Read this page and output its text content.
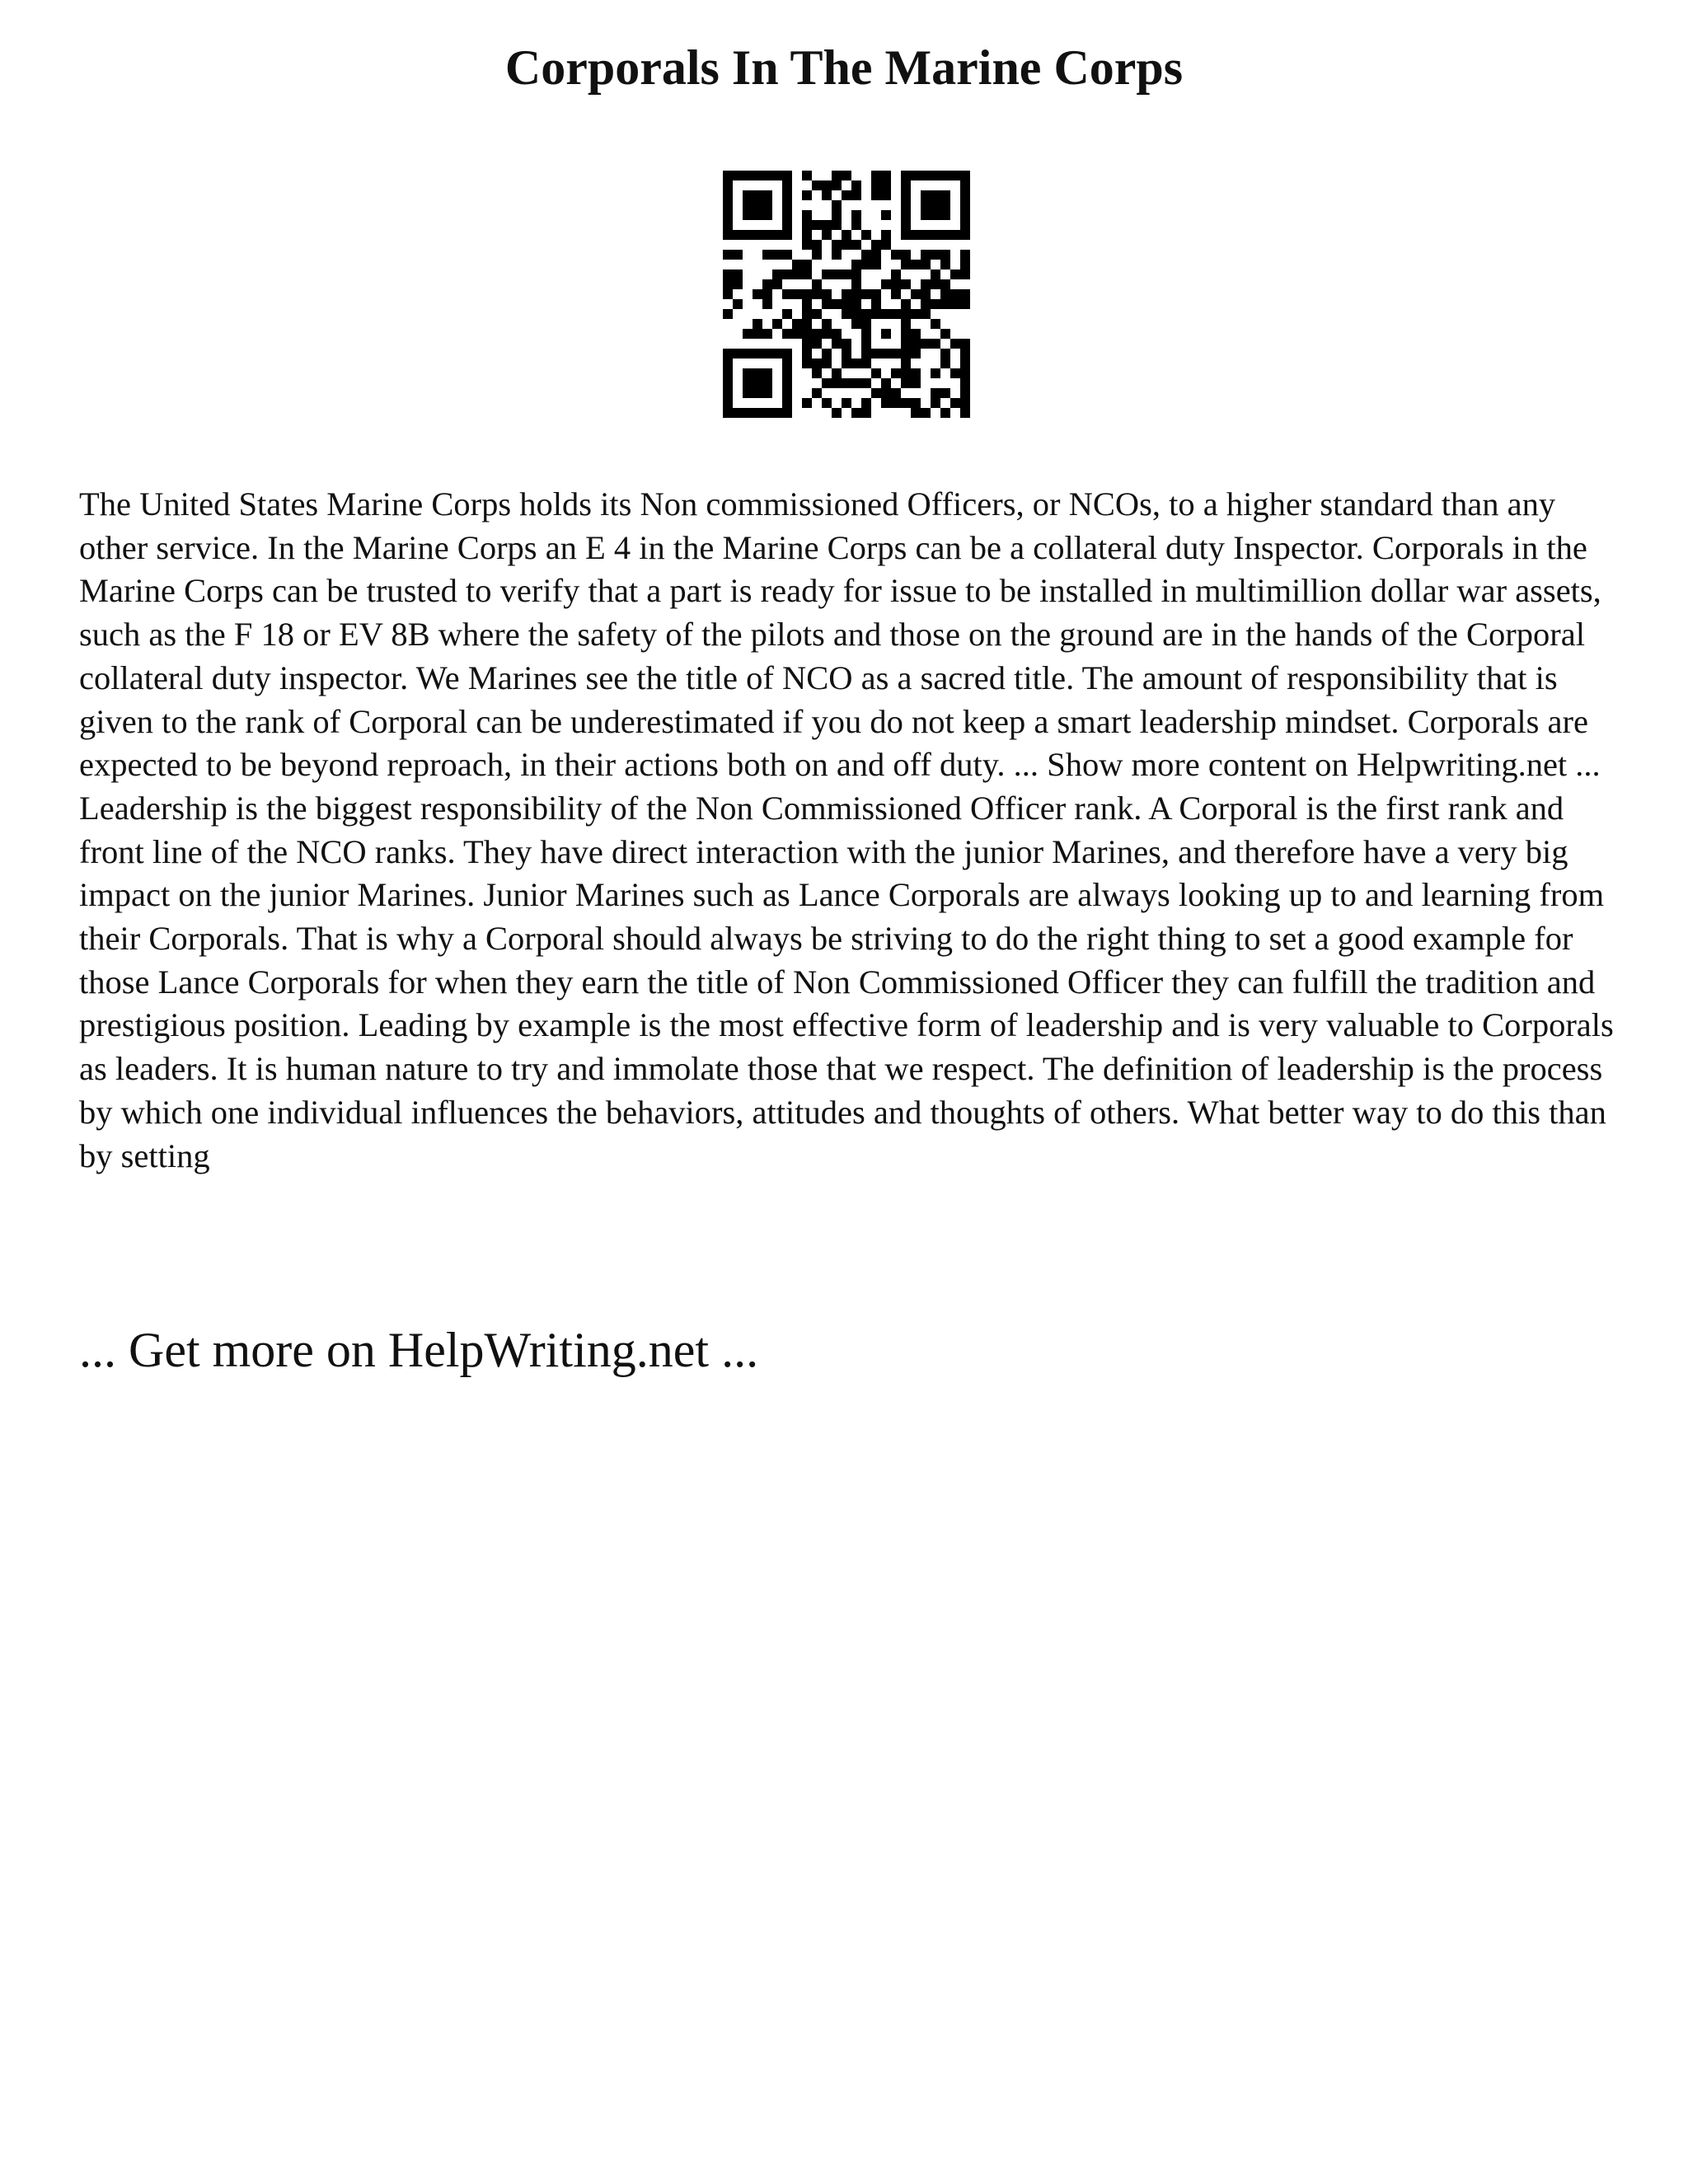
Corporals In The Marine Corps

The United States Marine Corps holds its Non commissioned Officers, or NCOs, to a higher standard than any other service. In the Marine Corps an E 4 in the Marine Corps can be a collateral duty Inspector. Corporals in the Marine Corps can be trusted to verify that a part is ready for issue to be installed in multimillion dollar war assets, such as the F 18 or EV 8B where the safety of the pilots and those on the ground are in the hands of the Corporal collateral duty inspector. We Marines see the title of NCO as a sacred title. The amount of responsibility that is given to the rank of Corporal can be underestimated if you do not keep a smart leadership mindset. Corporals are expected to be beyond reproach, in their actions both on and off duty. ... Show more content on Helpwriting.net ... Leadership is the biggest responsibility of the Non Commissioned Officer rank. A Corporal is the first rank and front line of the NCO ranks. They have direct interaction with the junior Marines, and therefore have a very big impact on the junior Marines. Junior Marines such as Lance Corporals are always looking up to and learning from their Corporals. That is why a Corporal should always be striving to do the right thing to set a good example for those Lance Corporals for when they earn the title of Non Commissioned Officer they can fulfill the tradition and prestigious position. Leading by example is the most effective form of leadership and is very valuable to Corporals as leaders. It is human nature to try and immolate those that we respect. The definition of leadership is the process by which one individual influences the behaviors, attitudes and thoughts of others. What better way to do this than by setting

... Get more on HelpWriting.net ...
